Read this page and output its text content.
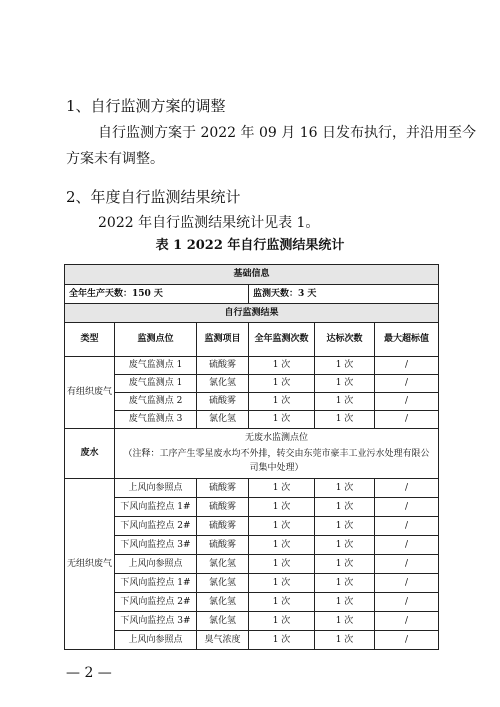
1、自行监测方案的调整
自行监测方案于 2022 年 09 月 16 日发布执行，并沿用至今
方案未有调整。
2、年度自行监测结果统计
2022 年自行监测结果统计见表 1。
表 1 2022 年自行监测结果统计
基础信息					
全年生产天数：150 天			监测天数：3 天		
自行监测结果					
类型	监测点位	监测项目	全年监测次数	达标次数	最大超标值
有组织废气	废气监测点 1	硫酸雾	1 次	1 次	/
	废气监测点 1	氯化氢	1 次	1 次	/
	废气监测点 2	硫酸雾	1 次	1 次	/
	废气监测点 3	氯化氢	1 次	1 次	/
废水	无废水监测点位
（注释：工序产生零星废水均不外排，转交由东莞市豪丰工业污水处理有限公司集中处理）				

无组织废气	上风向参照点	硫酸雾	1 次	1 次	/
	下风向监控点 1#	硫酸雾	1 次	1 次	/
	下风向监控点 2#	硫酸雾	1 次	1 次	/
	下风向监控点 3#	硫酸雾	1 次	1 次	/
	上风向参照点	氯化氢	1 次	1 次	/
	下风向监控点 1#	氯化氢	1 次	1 次	/
	下风向监控点 2#	氯化氢	1 次	1 次	/
	下风向监控点 3#	氯化氢	1 次	1 次	/
	上风向参照点	臭气浓度	1 次	1 次	/
— 2 —
